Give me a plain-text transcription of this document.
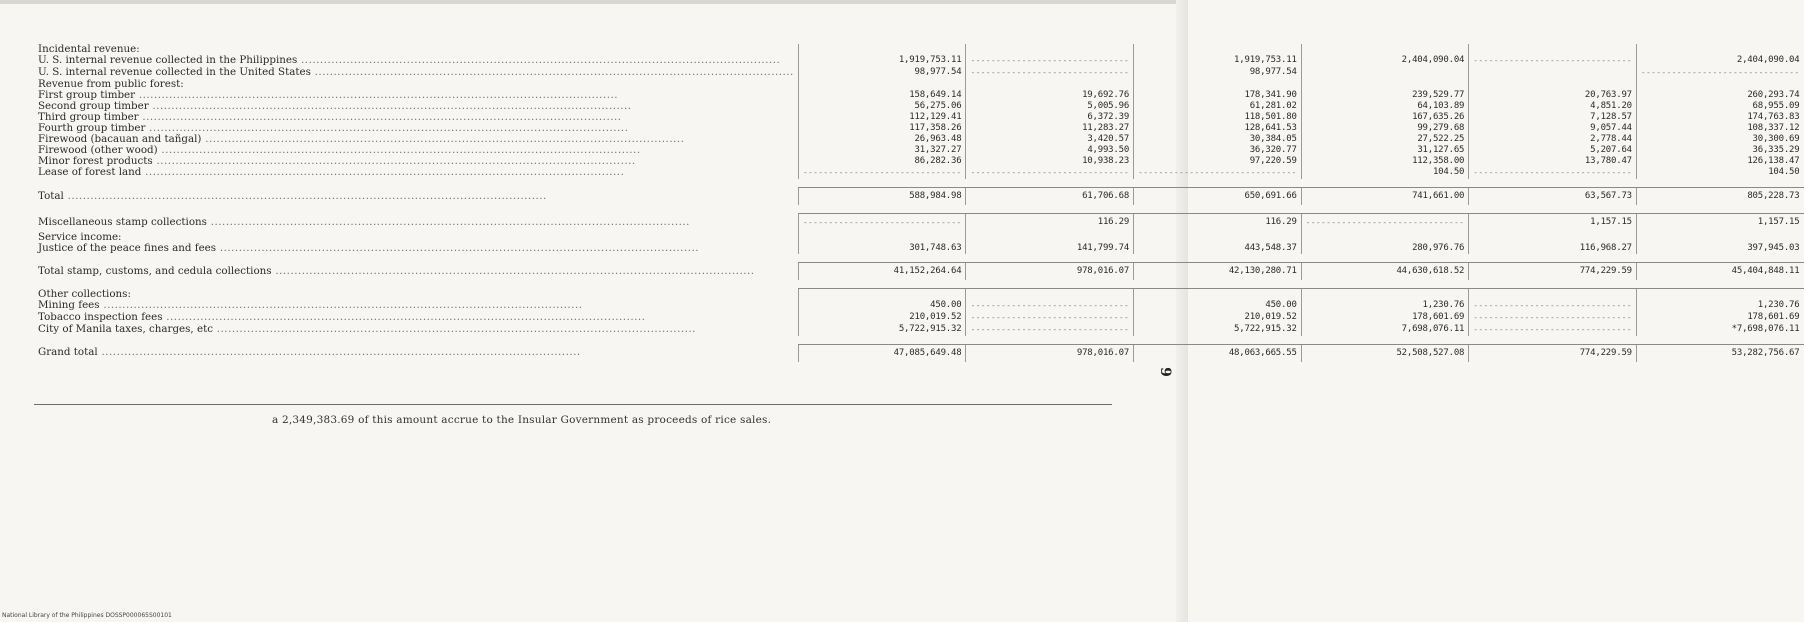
Incidental revenue:						
U. S. internal revenue collected in the Philippines .....	1,919,753.11	-----	1,919,753.11	2,404,090.04	-----	2,404,090.04
U. S. internal revenue collected in the United States .....	98,977.54	-----	98,977.54			-----
Revenue from public forest:						
First group timber .....	158,649.14	19,692.76	178,341.90	239,529.77	20,763.97	260,293.74
Second group timber .....	56,275.06	5,005.96	61,281.02	64,103.89	4,851.20	68,955.09
Third group timber .....	112,129.41	6,372.39	118,501.80	167,635.26	7,128.57	174,763.83
Fourth group timber .....	117,358.26	11,283.27	128,641.53	99,279.68	9,057.44	108,337.12
Firewood (bacauan and tañgal) .....	26,963.48	3,420.57	30,384.05	27,522.25	2,778.44	30,300.69
Firewood (other wood) .....	31,327.27	4,993.50	36,320.77	31,127.65	5,207.64	36,335.29
Minor forest products .....	86,282.36	10,938.23	97,220.59	112,358.00	13,780.47	126,138.47
Lease of forest land .....	-----	-----	-----	104.50	-----	104.50

Total .....	588,984.98	61,706.68	650,691.66	741,661.00	63,567.73	805,228.73

Miscellaneous stamp collections .....	-----	116.29	116.29	-----	1,157.15	1,157.15
Service income:						
Justice of the peace fines and fees .....	301,748.63	141,799.74	443,548.37	280,976.76	116,968.27	397,945.03

Total stamp, customs, and cedula collections .....	41,152,264.64	978,016.07	42,130,280.71	44,630,618.52	774,229.59	45,404,848.11

Other collections:						
Mining fees .....	450.00	-----	450.00	1,230.76	-----	1,230.76
Tobacco inspection fees .....	210,019.52	-----	210,019.52	178,601.69	-----	178,601.69
City of Manila taxes, charges, etc .....	5,722,915.32	-----	5,722,915.32	7,698,076.11	-----	*7,698,076.11

Grand total .....	47,085,649.48	978,016.07	48,063,665.55	52,508,527.08	774,229.59	53,282,756.67
a 2,349,383.69 of this amount accrue to the Insular Government as proceeds of rice sales.
9
National Library of the Philippines DOSSP000065S00101
